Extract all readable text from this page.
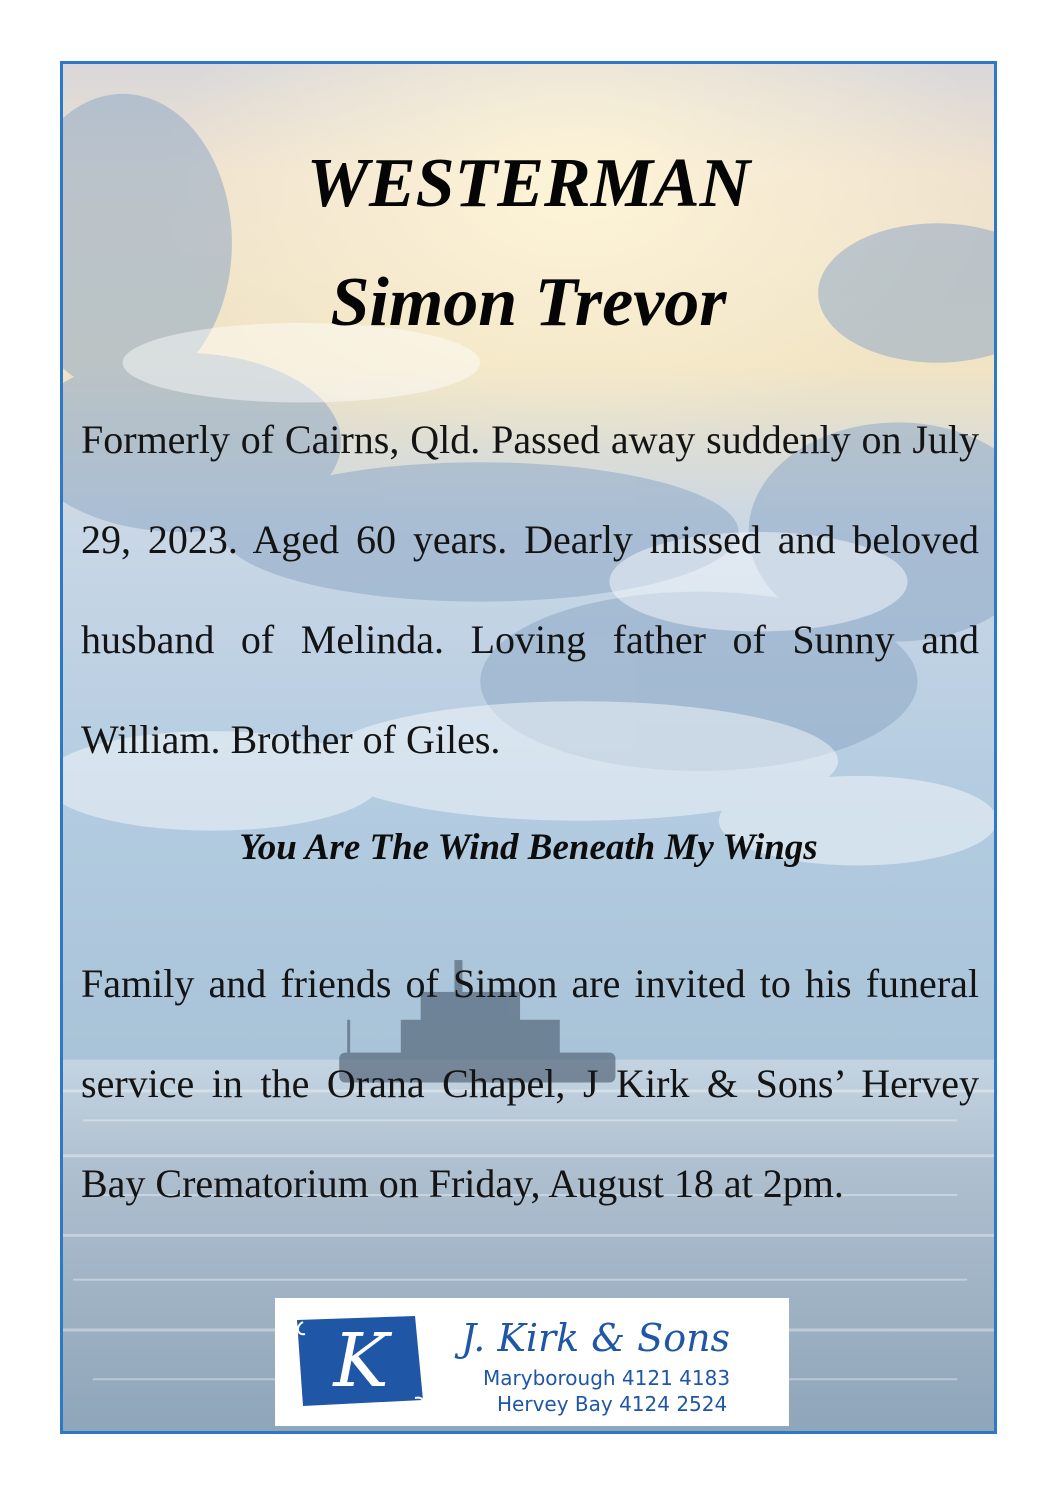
WESTERMAN
Simon Trevor

Formerly of Cairns, Qld. Passed away suddenly on July 29, 2023. Aged 60 years. Dearly missed and beloved husband of Melinda. Loving father of Sunny and William. Brother of Giles.

You Are The Wind Beneath My Wings

Family and friends of Simon are invited to his funeral service in the Orana Chapel, J Kirk & Sons’ Hervey Bay Crematorium on Friday, August 18 at 2pm.

K J. Kirk & Sons
Maryborough 4121 4183
Hervey Bay 4124 2524
